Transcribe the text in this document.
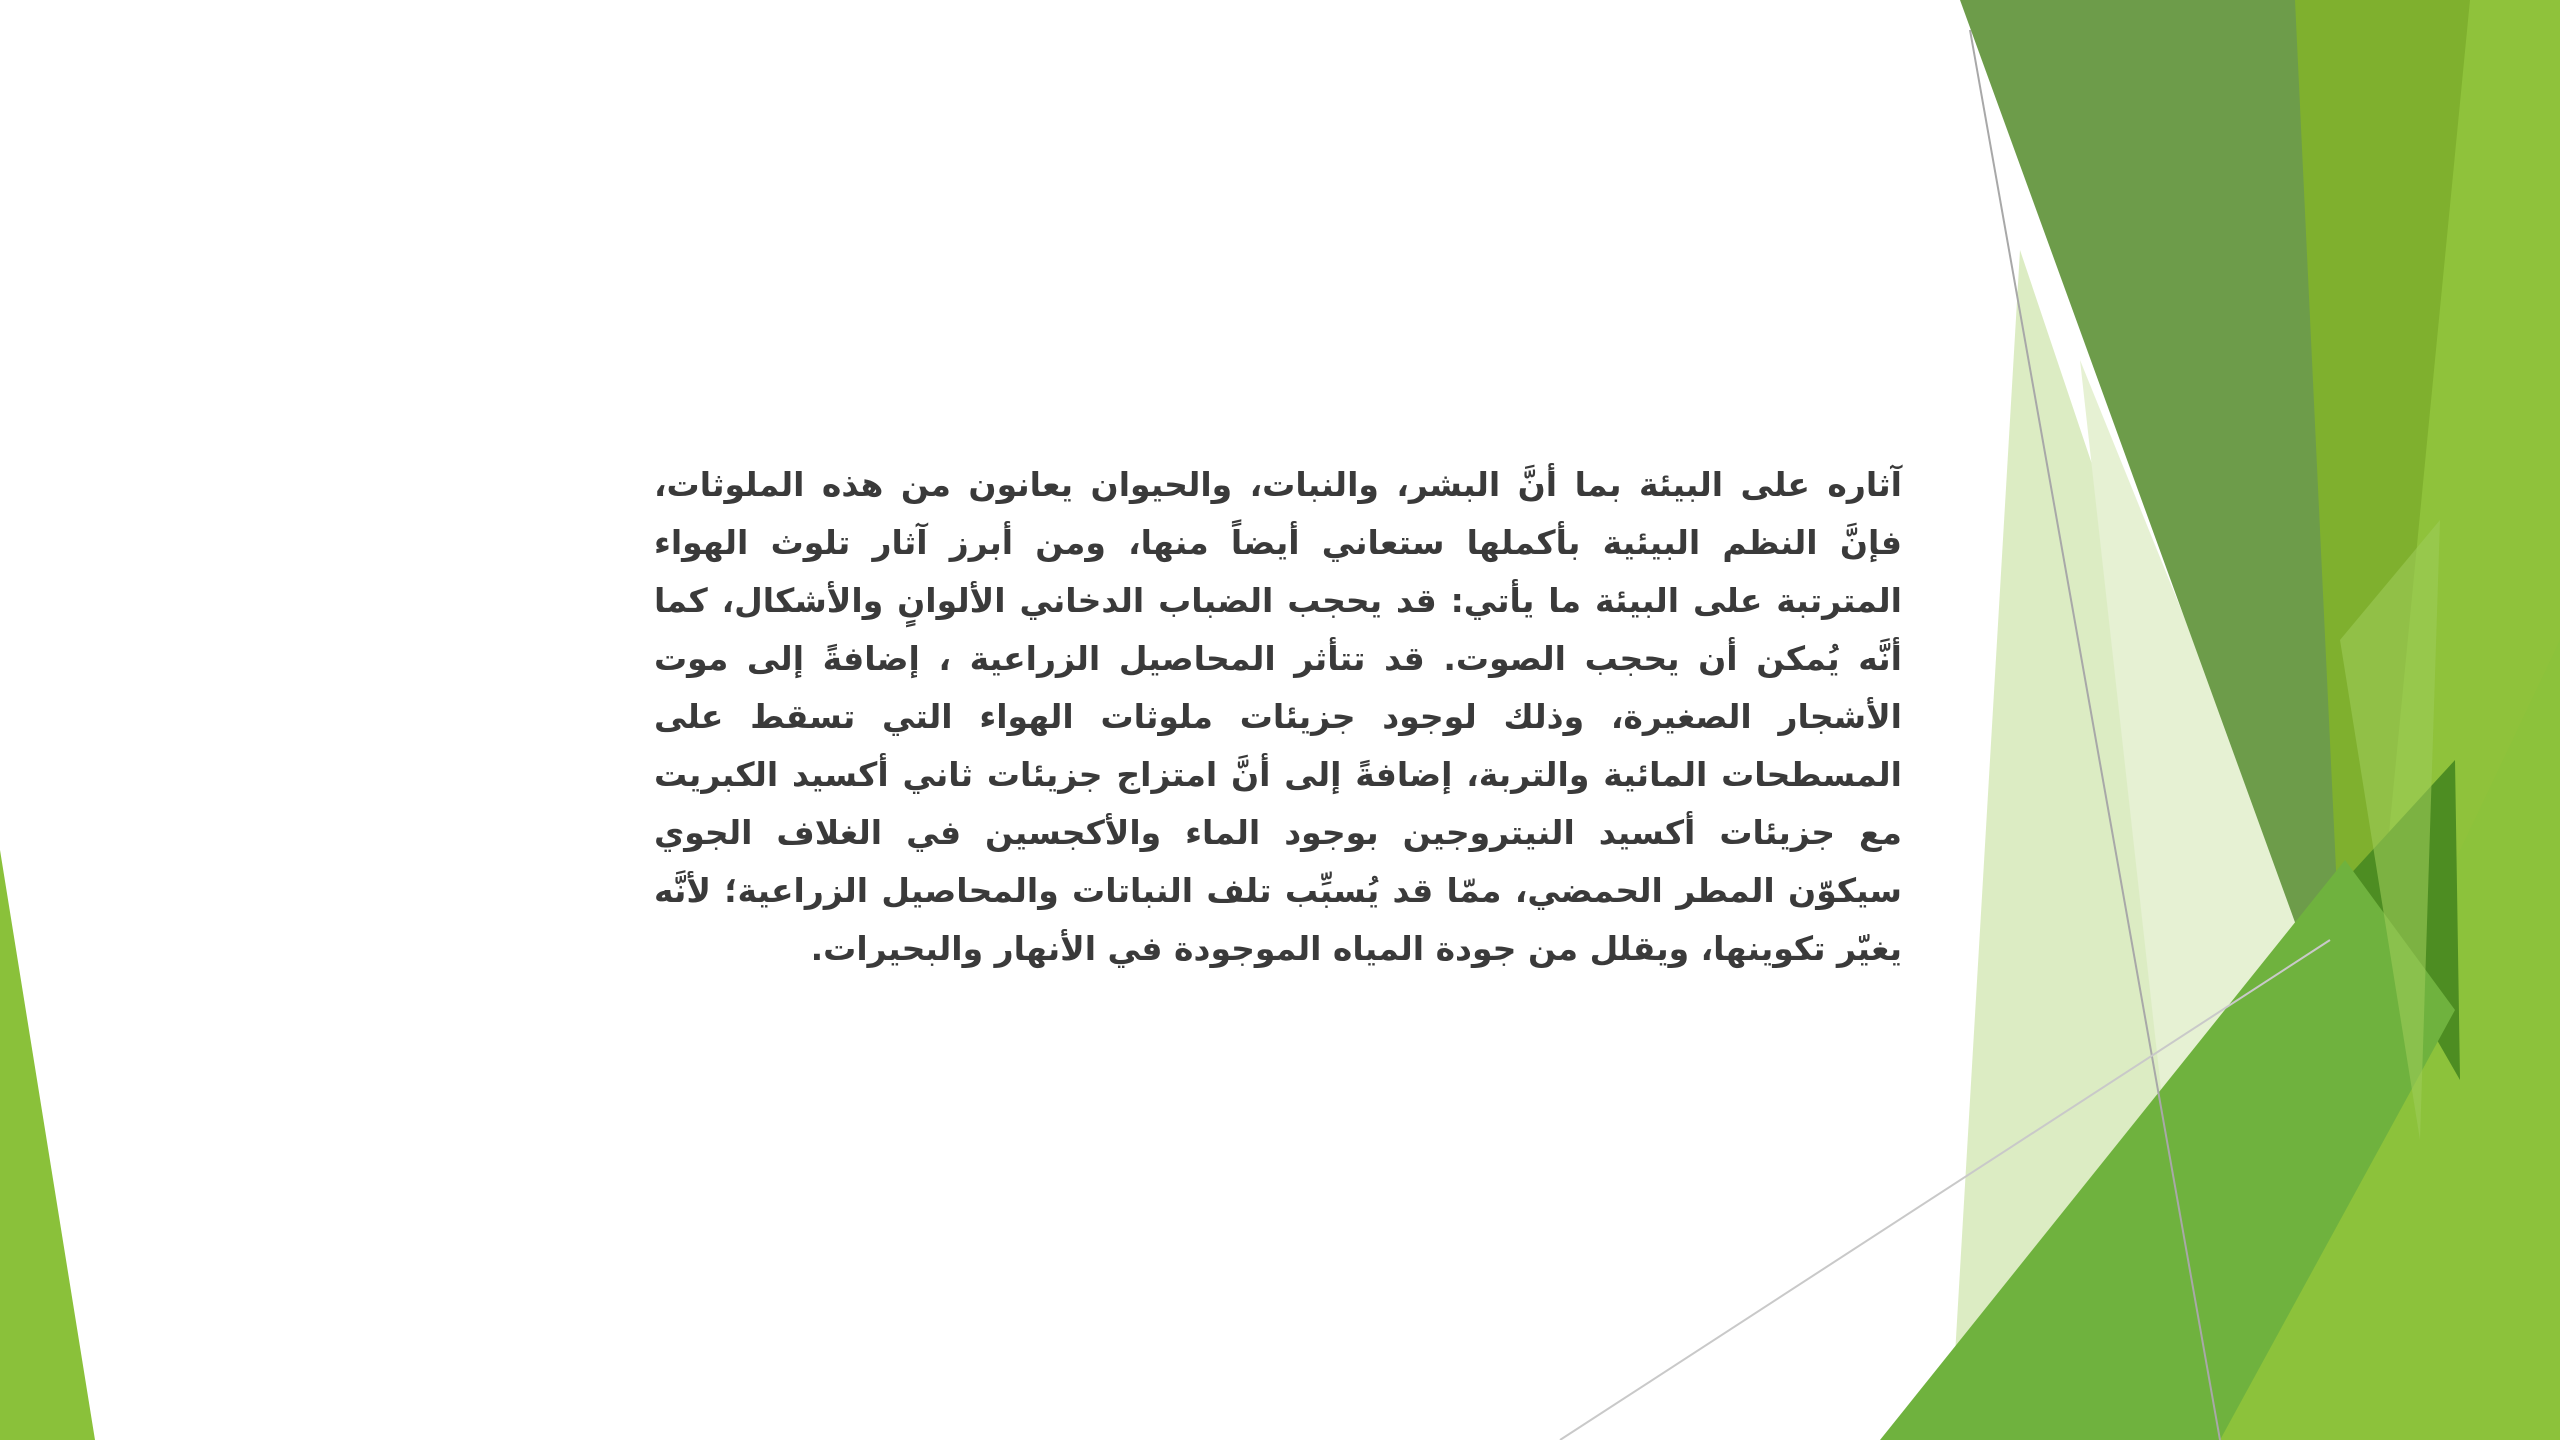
آثاره على البيئة بما أنَّ البشر، والنبات، والحيوان يعانون من هذه الملوثات، فإنَّ النظم البيئية بأكملها ستعاني أيضاً منها، ومن أبرز آثار تلوث الهواء المترتبة على البيئة ما يأتي: قد يحجب الضباب الدخاني الألوانٍ والأشكال، كما أنَّه يُمكن أن يحجب الصوت. قد تتأثر المحاصيل الزراعية ، إضافةً إلى موت الأشجار الصغيرة، وذلك لوجود جزيئات ملوثات الهواء التي تسقط على المسطحات المائية والتربة، إضافةً إلى أنَّ امتزاج جزيئات ثاني أكسيد الكبريت مع جزيئات أكسيد النيتروجين بوجود الماء والأكجسين في الغلاف الجوي سيكوّن المطر الحمضي، ممّا قد يُسبِّب تلف النباتات والمحاصيل الزراعية؛ لأنَّه يغيّر تكوينها، ويقلل من جودة المياه الموجودة في الأنهار والبحيرات.
